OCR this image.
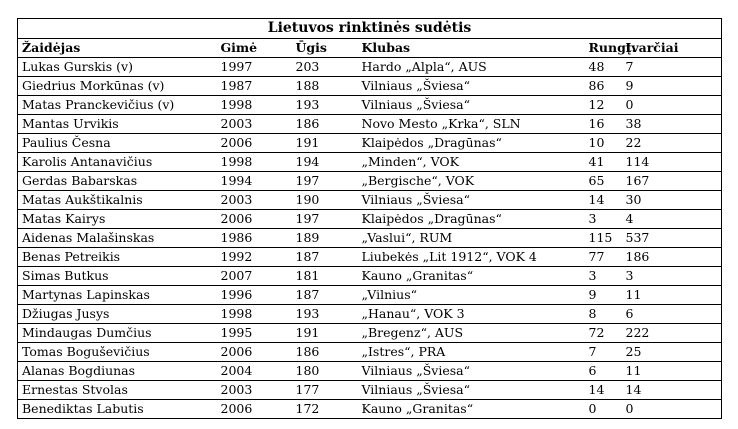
Lietuvos rinktinės sudėtis					
Žaidėjas	Gimė	Ūgis	Klubas	Rungt.	Įvarčiai
Lukas Gurskis (v)	1997	203	Hardo „Alpla“, AUS	48	7
Giedrius Morkūnas (v)	1987	188	Vilniaus „Šviesa“	86	9
Matas Pranckevičius (v)	1998	193	Vilniaus „Šviesa“	12	0
Mantas Urvikis	2003	186	Novo Mesto „Krka“, SLN	16	38
Paulius Česna	2006	191	Klaipėdos „Dragūnas“	10	22
Karolis Antanavičius	1998	194	„Minden“, VOK	41	114
Gerdas Babarskas	1994	197	„Bergische“, VOK	65	167
Matas Aukštikalnis	2003	190	Vilniaus „Šviesa“	14	30
Matas Kairys	2006	197	Klaipėdos „Dragūnas“	3	4
Aidenas Malašinskas	1986	189	„Vaslui“, RUM	115	537
Benas Petreikis	1992	187	Liubekės „Lit 1912“, VOK 4	77	186
Simas Butkus	2007	181	Kauno „Granitas“	3	3
Martynas Lapinskas	1996	187	„Vilnius“	9	11
Džiugas Jusys	1998	193	„Hanau“, VOK 3	8	6
Mindaugas Dumčius	1995	191	„Bregenz“, AUS	72	222
Tomas Boguševičius	2006	186	„Istres“, PRA	7	25
Alanas Bogdiunas	2004	180	Vilniaus „Šviesa“	6	11
Ernestas Stvolas	2003	177	Vilniaus „Šviesa“	14	14
Benediktas Labutis	2006	172	Kauno „Granitas“	0	0
